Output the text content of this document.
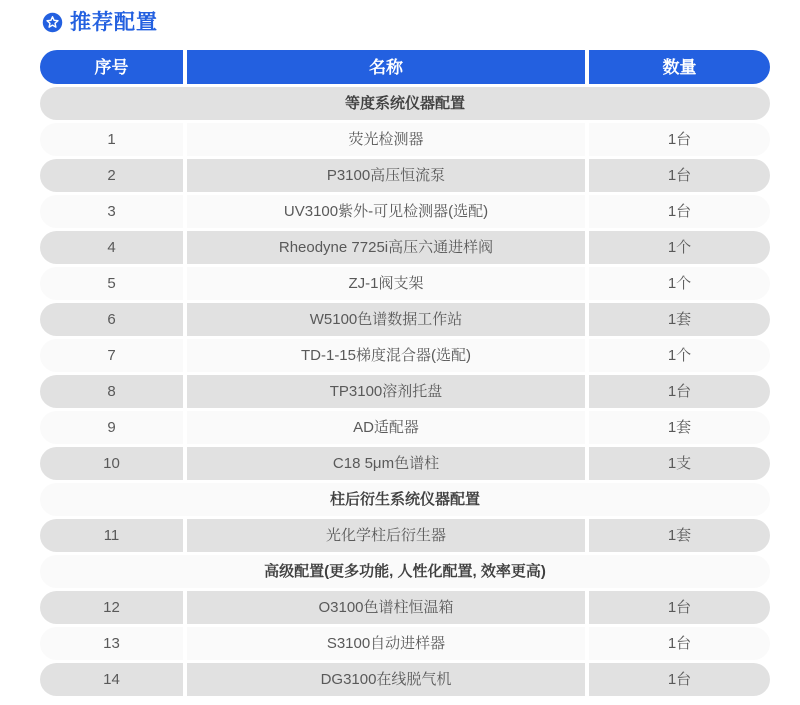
推荐配置
序号	名称	数量
等度系统仪器配置
1	荧光检测器	1台
2	P3100高压恒流泵	1台
3	UV3100紫外-可见检测器(选配)	1台
4	Rheodyne 7725i高压六通进样阀	1个
5	ZJ-1阀支架	1个
6	W5100色谱数据工作站	1套
7	TD-1-15梯度混合器(选配)	1个
8	TP3100溶剂托盘	1台
9	AD适配器	1套
10	C18 5μm色谱柱	1支
柱后衍生系统仪器配置
11	光化学柱后衍生器	1套
高级配置(更多功能, 人性化配置, 效率更高)
12	O3100色谱柱恒温箱	1台
13	S3100自动进样器	1台
14	DG3100在线脱气机	1台
